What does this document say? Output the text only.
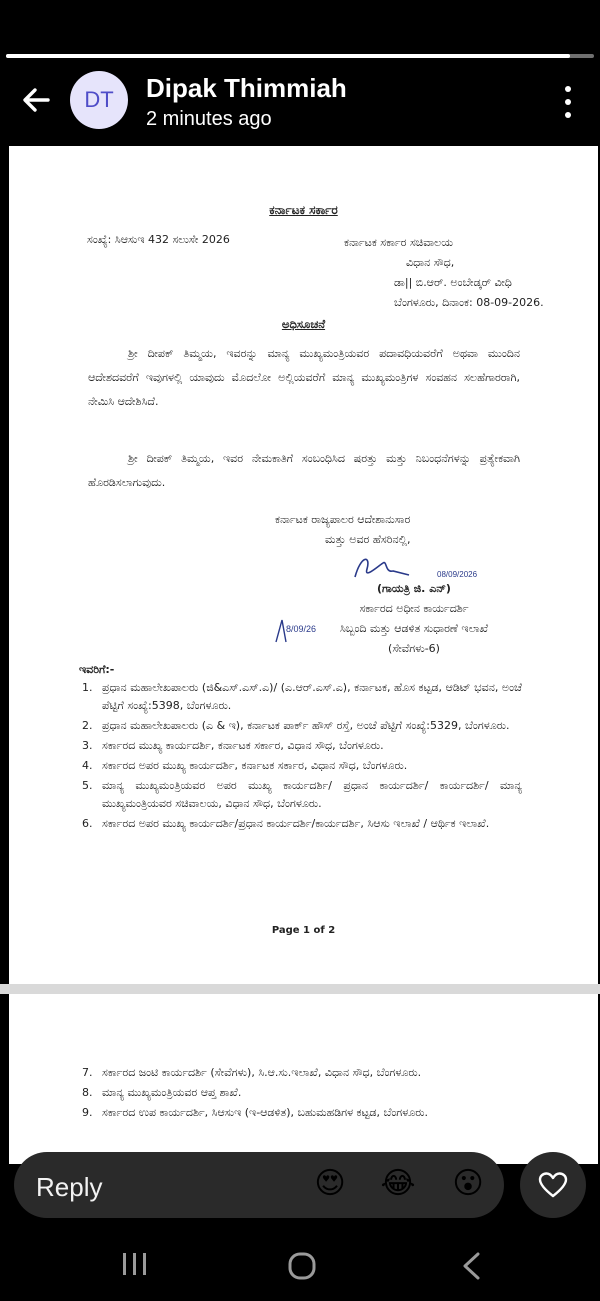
DT	Dipak Thimmiah
2 minutes ago
ಕರ್ನಾಟಕ ಸರ್ಕಾರ
ಸಂಖ್ಯೆ: ಸಿಆಸುಇ 432 ಸಲುಸೇ 2026	ಕರ್ನಾಟಕ ಸರ್ಕಾರ ಸಚಿವಾಲಯ
ವಿಧಾನ ಸೌಧ,
ಡಾ|| ಬಿ.ಆರ್. ಅಂಬೇಡ್ಕರ್ ವೀಧಿ
ಬೆಂಗಳೂರು, ದಿನಾಂಕ: 08-09-2026.
ಅಧಿಸೂಚನೆ
ಶ್ರೀ ದೀಪಕ್ ತಿಮ್ಮಯ, ಇವರನ್ನು ಮಾನ್ಯ ಮುಖ್ಯಮಂತ್ರಿಯವರ ಪದಾವಧಿಯವರೆಗೆ ಅಥವಾ ಮುಂದಿನ ಆದೇಶದವರೆಗೆ ಇವುಗಳಲ್ಲಿ ಯಾವುದು ಮೊದಲೋ ಅಲ್ಲಿಯವರೆಗೆ ಮಾನ್ಯ ಮುಖ್ಯಮಂತ್ರಿಗಳ ಸಂವಹನ ಸಲಹೆಗಾರರಾಗಿ, ನೇಮಿಸಿ ಆದೇಶಿಸಿದೆ.
ಶ್ರೀ ದೀಪಕ್ ತಿಮ್ಮಯ, ಇವರ ನೇಮಕಾತಿಗೆ ಸಂಬಂಧಿಸಿದ ಷರತ್ತು ಮತ್ತು ನಿಬಂಧನೆಗಳನ್ನು ಪ್ರತ್ಯೇಕವಾಗಿ ಹೊರಡಿಸಲಾಗುವುದು.
ಕರ್ನಾಟಕ ರಾಜ್ಯಪಾಲರ ಆದೇಶಾನುಸಾರ
ಮತ್ತು ಅವರ ಹೆಸರಿನಲ್ಲಿ,
08/09/2026
(ಗಾಯತ್ರಿ ಜಿ. ಎನ್)
ಸರ್ಕಾರದ ಅಧೀನ ಕಾರ್ಯದರ್ಶಿ
ಸಿಬ್ಬಂದಿ ಮತ್ತು ಆಡಳಿತ ಸುಧಾರಣೆ ಇಲಾಖೆ
(ಸೇವೆಗಳು-6)
8/09/26
ಇವರಿಗೆ:-
1. ಪ್ರಧಾನ ಮಹಾಲೇಖಪಾಲರು (ಜಿ&ಎಸ್.ಎಸ್.ಎ)/ (ಎ.ಆರ್.ಎಸ್.ಎ), ಕರ್ನಾಟಕ, ಹೊಸ ಕಟ್ಟಡ, ಆಡಿಟ್ ಭವನ, ಅಂಚೆ ಪೆಟ್ಟಿಗೆ ಸಂಖ್ಯೆ:5398, ಬೆಂಗಳೂರು.
2. ಪ್ರಧಾನ ಮಹಾಲೇಖಪಾಲರು (ಎ & ಇ), ಕರ್ನಾಟಕ ಪಾರ್ಕ್ ಹೌಸ್ ರಸ್ತೆ, ಅಂಚೆ ಪೆಟ್ಟಿಗೆ ಸಂಖ್ಯೆ:5329, ಬೆಂಗಳೂರು.
3. ಸರ್ಕಾರದ ಮುಖ್ಯ ಕಾರ್ಯದರ್ಶಿ, ಕರ್ನಾಟಕ ಸರ್ಕಾರ, ವಿಧಾನ ಸೌಧ, ಬೆಂಗಳೂರು.
4. ಸರ್ಕಾರದ ಅಪರ ಮುಖ್ಯ ಕಾರ್ಯದರ್ಶಿ, ಕರ್ನಾಟಕ ಸರ್ಕಾರ, ವಿಧಾನ ಸೌಧ, ಬೆಂಗಳೂರು.
5. ಮಾನ್ಯ ಮುಖ್ಯಮಂತ್ರಿಯವರ ಅಪರ ಮುಖ್ಯ ಕಾರ್ಯದರ್ಶಿ/ ಪ್ರಧಾನ ಕಾರ್ಯದರ್ಶಿ/ ಕಾರ್ಯದರ್ಶಿ/ ಮಾನ್ಯ ಮುಖ್ಯಮಂತ್ರಿಯವರ ಸಚಿವಾಲಯ, ವಿಧಾನ ಸೌಧ, ಬೆಂಗಳೂರು.
6. ಸರ್ಕಾರದ ಅಪರ ಮುಖ್ಯ ಕಾರ್ಯದರ್ಶಿ/ಪ್ರಧಾನ ಕಾರ್ಯದರ್ಶಿ/ಕಾರ್ಯದರ್ಶಿ, ಸಿಆಸು ಇಲಾಖೆ / ಆರ್ಥಿಕ ಇಲಾಖೆ.
Page 1 of 2
7. ಸರ್ಕಾರದ ಜಂಟಿ ಕಾರ್ಯದರ್ಶಿ (ಸೇವೆಗಳು), ಸಿ.ಆ.ಸು.ಇಲಾಖೆ, ವಿಧಾನ ಸೌಧ, ಬೆಂಗಳೂರು.
8. ಮಾನ್ಯ ಮುಖ್ಯಮಂತ್ರಿಯವರ ಆಪ್ತ ಶಾಖೆ.
9. ಸರ್ಕಾರದ ಉಪ ಕಾರ್ಯದರ್ಶಿ, ಸಿಆಸುಇ (ಇ-ಆಡಳಿತ), ಬಹುಮಹಡಿಗಳ ಕಟ್ಟಡ, ಬೆಂಗಳೂರು.
Reply	😍 😂 😮
